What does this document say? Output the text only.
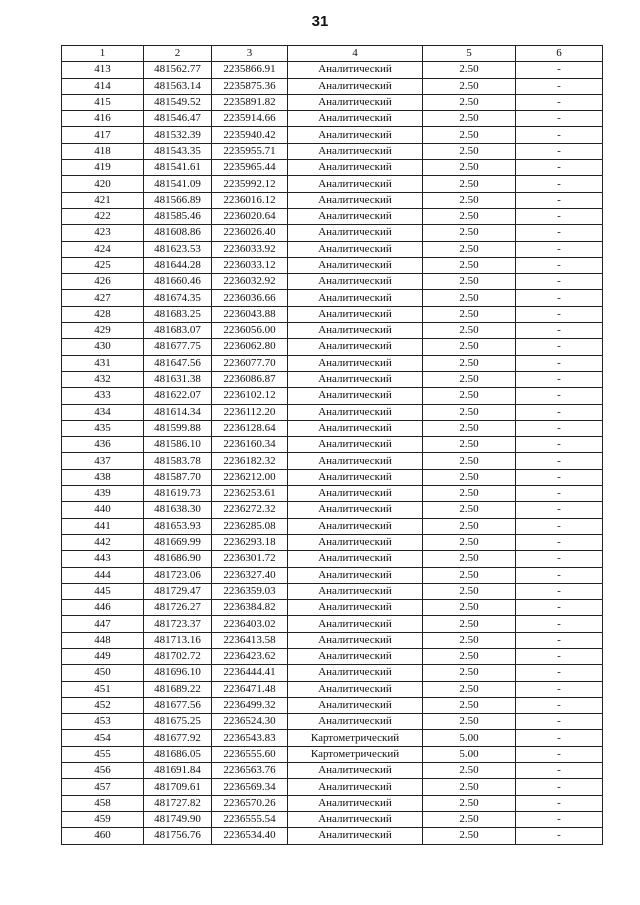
31
1	2	3	4	5	6
413	481562.77	2235866.91	Аналитический	2.50	-
414	481563.14	2235875.36	Аналитический	2.50	-
415	481549.52	2235891.82	Аналитический	2.50	-
416	481546.47	2235914.66	Аналитический	2.50	-
417	481532.39	2235940.42	Аналитический	2.50	-
418	481543.35	2235955.71	Аналитический	2.50	-
419	481541.61	2235965.44	Аналитический	2.50	-
420	481541.09	2235992.12	Аналитический	2.50	-
421	481566.89	2236016.12	Аналитический	2.50	-
422	481585.46	2236020.64	Аналитический	2.50	-
423	481608.86	2236026.40	Аналитический	2.50	-
424	481623.53	2236033.92	Аналитический	2.50	-
425	481644.28	2236033.12	Аналитический	2.50	-
426	481660.46	2236032.92	Аналитический	2.50	-
427	481674.35	2236036.66	Аналитический	2.50	-
428	481683.25	2236043.88	Аналитический	2.50	-
429	481683.07	2236056.00	Аналитический	2.50	-
430	481677.75	2236062.80	Аналитический	2.50	-
431	481647.56	2236077.70	Аналитический	2.50	-
432	481631.38	2236086.87	Аналитический	2.50	-
433	481622.07	2236102.12	Аналитический	2.50	-
434	481614.34	2236112.20	Аналитический	2.50	-
435	481599.88	2236128.64	Аналитический	2.50	-
436	481586.10	2236160.34	Аналитический	2.50	-
437	481583.78	2236182.32	Аналитический	2.50	-
438	481587.70	2236212.00	Аналитический	2.50	-
439	481619.73	2236253.61	Аналитический	2.50	-
440	481638.30	2236272.32	Аналитический	2.50	-
441	481653.93	2236285.08	Аналитический	2.50	-
442	481669.99	2236293.18	Аналитический	2.50	-
443	481686.90	2236301.72	Аналитический	2.50	-
444	481723.06	2236327.40	Аналитический	2.50	-
445	481729.47	2236359.03	Аналитический	2.50	-
446	481726.27	2236384.82	Аналитический	2.50	-
447	481723.37	2236403.02	Аналитический	2.50	-
448	481713.16	2236413.58	Аналитический	2.50	-
449	481702.72	2236423.62	Аналитический	2.50	-
450	481696.10	2236444.41	Аналитический	2.50	-
451	481689.22	2236471.48	Аналитический	2.50	-
452	481677.56	2236499.32	Аналитический	2.50	-
453	481675.25	2236524.30	Аналитический	2.50	-
454	481677.92	2236543.83	Картометрический	5.00	-
455	481686.05	2236555.60	Картометрический	5.00	-
456	481691.84	2236563.76	Аналитический	2.50	-
457	481709.61	2236569.34	Аналитический	2.50	-
458	481727.82	2236570.26	Аналитический	2.50	-
459	481749.90	2236555.54	Аналитический	2.50	-
460	481756.76	2236534.40	Аналитический	2.50	-
